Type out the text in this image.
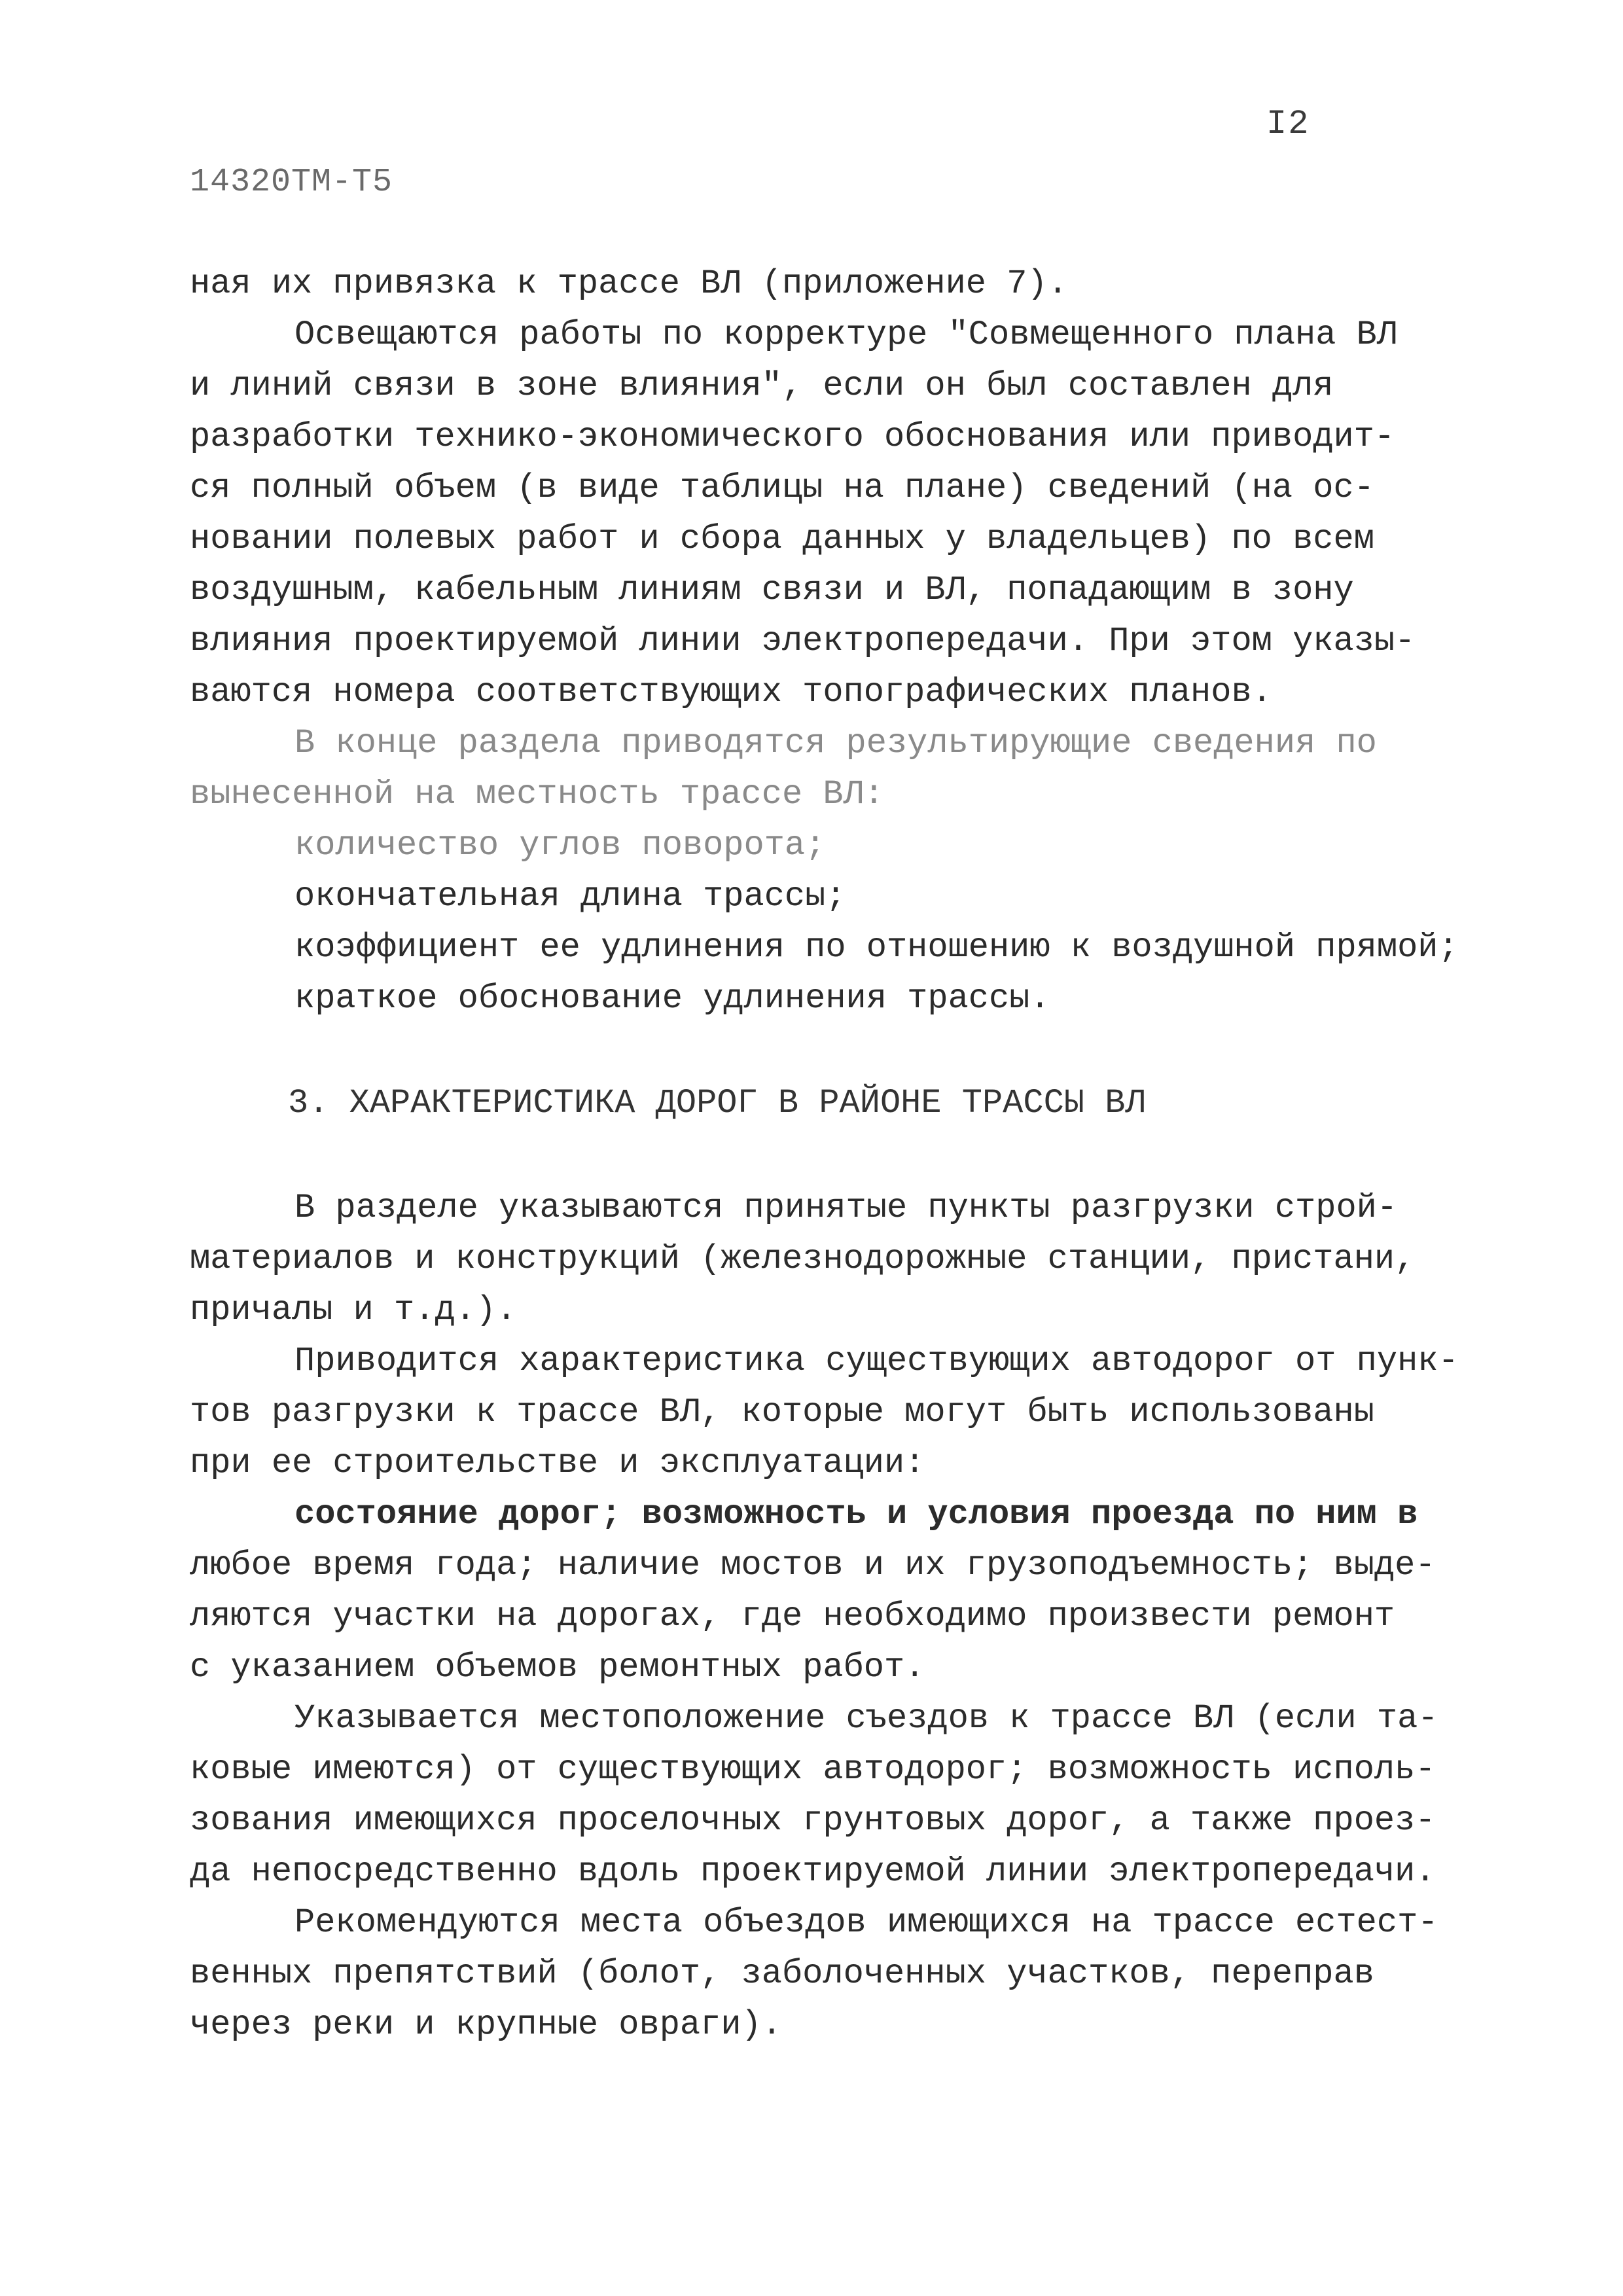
I2
14320ТМ-Т5
ная их привязка к трассе ВЛ (приложение 7).
Освещаются работы по корректуре "Совмещенного плана ВЛ
и линий связи в зоне влияния", если он был составлен для
разработки технико-экономического обоснования или приводит-
ся полный объем (в виде таблицы на плане) сведений (на ос-
новании полевых работ и сбора данных у владельцев) по всем
воздушным, кабельным линиям связи и ВЛ, попадающим в зону
влияния проектируемой линии электропередачи. При этом указы-
ваются номера соответствующих топографических планов.
В конце раздела приводятся результирующие сведения по
вынесенной на местность трассе ВЛ:
количество углов поворота;
окончательная длина трассы;
коэффициент ее удлинения по отношению к воздушной прямой;
краткое обоснование удлинения трассы.
3. ХАРАКТЕРИСТИКА ДОРОГ В РАЙОНЕ ТРАССЫ ВЛ
В разделе указываются принятые пункты разгрузки строй-
материалов и конструкций (железнодорожные станции, пристани,
причалы и т.д.).
Приводится характеристика существующих автодорог от пунк-
тов разгрузки к трассе ВЛ, которые могут быть использованы
при ее строительстве и эксплуатации:
состояние дорог; возможность и условия проезда по ним в
любое время года; наличие мостов и их грузоподъемность; выде-
ляются участки на дорогах, где необходимо произвести ремонт
с указанием объемов ремонтных работ.
Указывается местоположение съездов к трассе ВЛ (если та-
ковые имеются) от существующих автодорог; возможность исполь-
зования имеющихся проселочных грунтовых дорог, а также проез-
да непосредственно вдоль проектируемой линии электропередачи.
Рекомендуются места объездов имеющихся на трассе естест-
венных препятствий (болот, заболоченных участков, переправ
через реки и крупные овраги).
